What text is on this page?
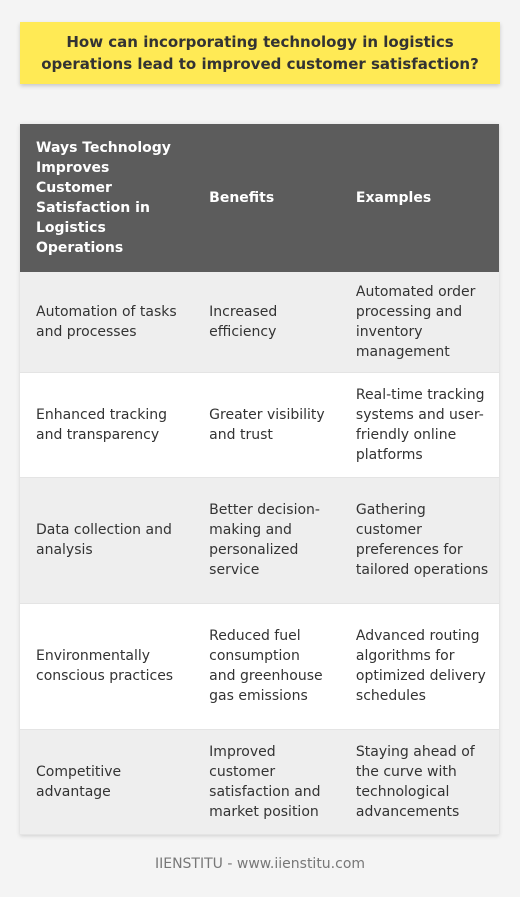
How can incorporating technology in logistics operations lead to improved customer satisfaction?
Ways Technology Improves Customer Satisfaction in Logistics Operations	Benefits	Examples
Automation of tasks and processes	Increased efficiency	Automated order processing and inventory management
Enhanced tracking and transparency	Greater visibility and trust	Real-time tracking systems and user-friendly online platforms
Data collection and analysis	Better decision-making and personalized service	Gathering customer preferences for tailored operations
Environmentally conscious practices	Reduced fuel consumption and greenhouse gas emissions	Advanced routing algorithms for optimized delivery schedules
Competitive advantage	Improved customer satisfaction and market position	Staying ahead of the curve with technological advancements
IIENSTITU - www.iienstitu.com
